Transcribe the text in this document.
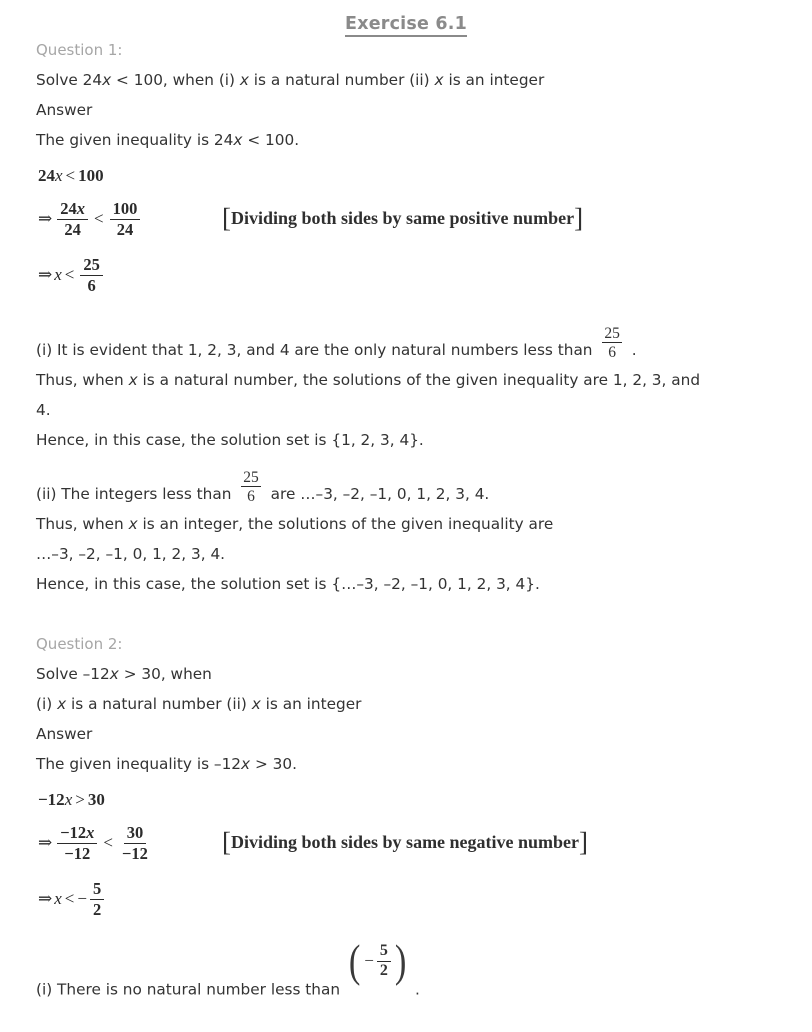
Exercise 6.1
Question 1:
Solve 24x < 100, when (i) x is a natural number (ii) x is an integer
Answer
The given inequality is 24x < 100.
24 x < 100
⇒ $\frac{24x}{24} < \frac{100}{24}$
⇒ $x < \frac{25}{6}$
[Dividing both sides by same positive number]
(i) It is evident that 1, 2, 3, and 4 are the only natural numbers less than $\frac{25}{6}$ .
Thus, when x is a natural number, the solutions of the given inequality are 1, 2, 3, and
4.
Hence, in this case, the solution set is {1, 2, 3, 4}.
(ii) The integers less than $\frac{25}{6}$ are …–3, –2, –1, 0, 1, 2, 3, 4.
Thus, when x is an integer, the solutions of the given inequality are
…–3, –2, –1, 0, 1, 2, 3, 4.
Hence, in this case, the solution set is {…–3, –2, –1, 0, 1, 2, 3, 4}.
Question 2:
Solve –12x > 30, when
(i) x is a natural number (ii) x is an integer
Answer
The given inequality is –12x > 30.
−12 x > 30
⇒ $\frac{-12x}{-12} < \frac{30}{-12}$
⇒ x < − $\frac{5}{2}$
[Dividing both sides by same negative number]
(i) There is no natural number less than
( − $\frac{5}{2}$ )
.
